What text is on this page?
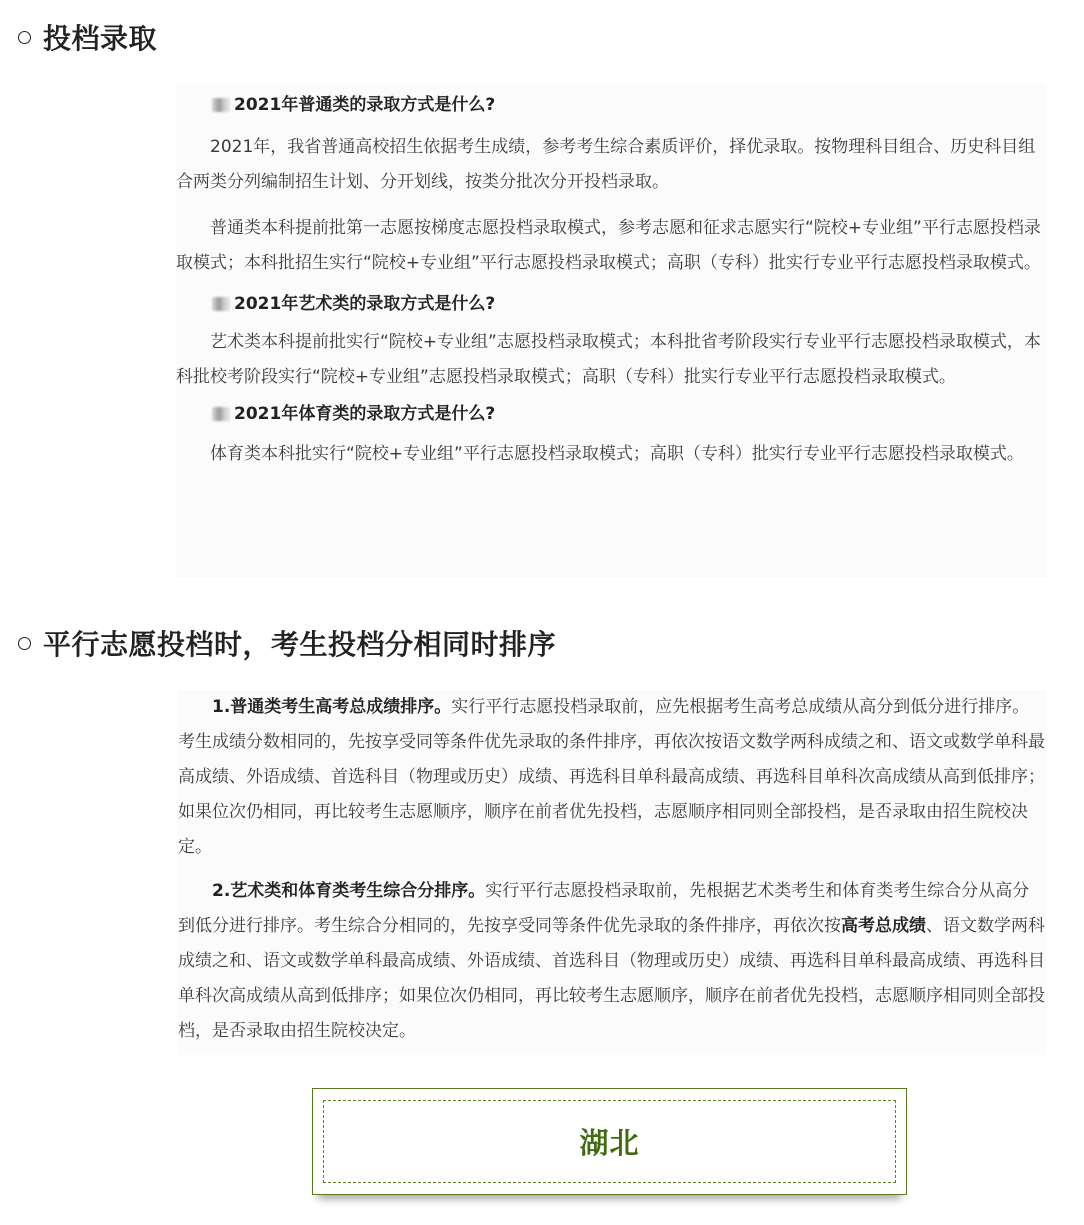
投档录取
2021年普通类的录取方式是什么?

2021年，我省普通高校招生依据考生成绩，参考考生综合素质评价，择优录取。按物理科目组合、历史科目组合两类分列编制招生计划、分开划线，按类分批次分开投档录取。

普通类本科提前批第一志愿按梯度志愿投档录取模式，参考志愿和征求志愿实行“院校+专业组”平行志愿投档录取模式；本科批招生实行“院校+专业组”平行志愿投档录取模式；高职（专科）批实行专业平行志愿投档录取模式。

2021年艺术类的录取方式是什么?

艺术类本科提前批实行“院校+专业组”志愿投档录取模式；本科批省考阶段实行专业平行志愿投档录取模式，本科批校考阶段实行“院校+专业组”志愿投档录取模式；高职（专科）批实行专业平行志愿投档录取模式。

2021年体育类的录取方式是什么?

体育类本科批实行“院校+专业组”平行志愿投档录取模式；高职（专科）批实行专业平行志愿投档录取模式。

平行志愿投档时，考生投档分相同时排序

1.普通类考生高考总成绩排序。实行平行志愿投档录取前，应先根据考生高考总成绩从高分到低分进行排序。考生成绩分数相同的，先按享受同等条件优先录取的条件排序，再依次按语文数学两科成绩之和、语文或数学单科最高成绩、外语成绩、首选科目（物理或历史）成绩、再选科目单科最高成绩、再选科目单科次高成绩从高到低排序；如果位次仍相同，再比较考生志愿顺序，顺序在前者优先投档，志愿顺序相同则全部投档，是否录取由招生院校决定。

2.艺术类和体育类考生综合分排序。实行平行志愿投档录取前，先根据艺术类考生和体育类考生综合分从高分到低分进行排序。考生综合分相同的，先按享受同等条件优先录取的条件排序，再依次按高考总成绩、语文数学两科成绩之和、语文或数学单科最高成绩、外语成绩、首选科目（物理或历史）成绩、再选科目单科最高成绩、再选科目单科次高成绩从高到低排序；如果位次仍相同，再比较考生志愿顺序，顺序在前者优先投档，志愿顺序相同则全部投档，是否录取由招生院校决定。

湖北
